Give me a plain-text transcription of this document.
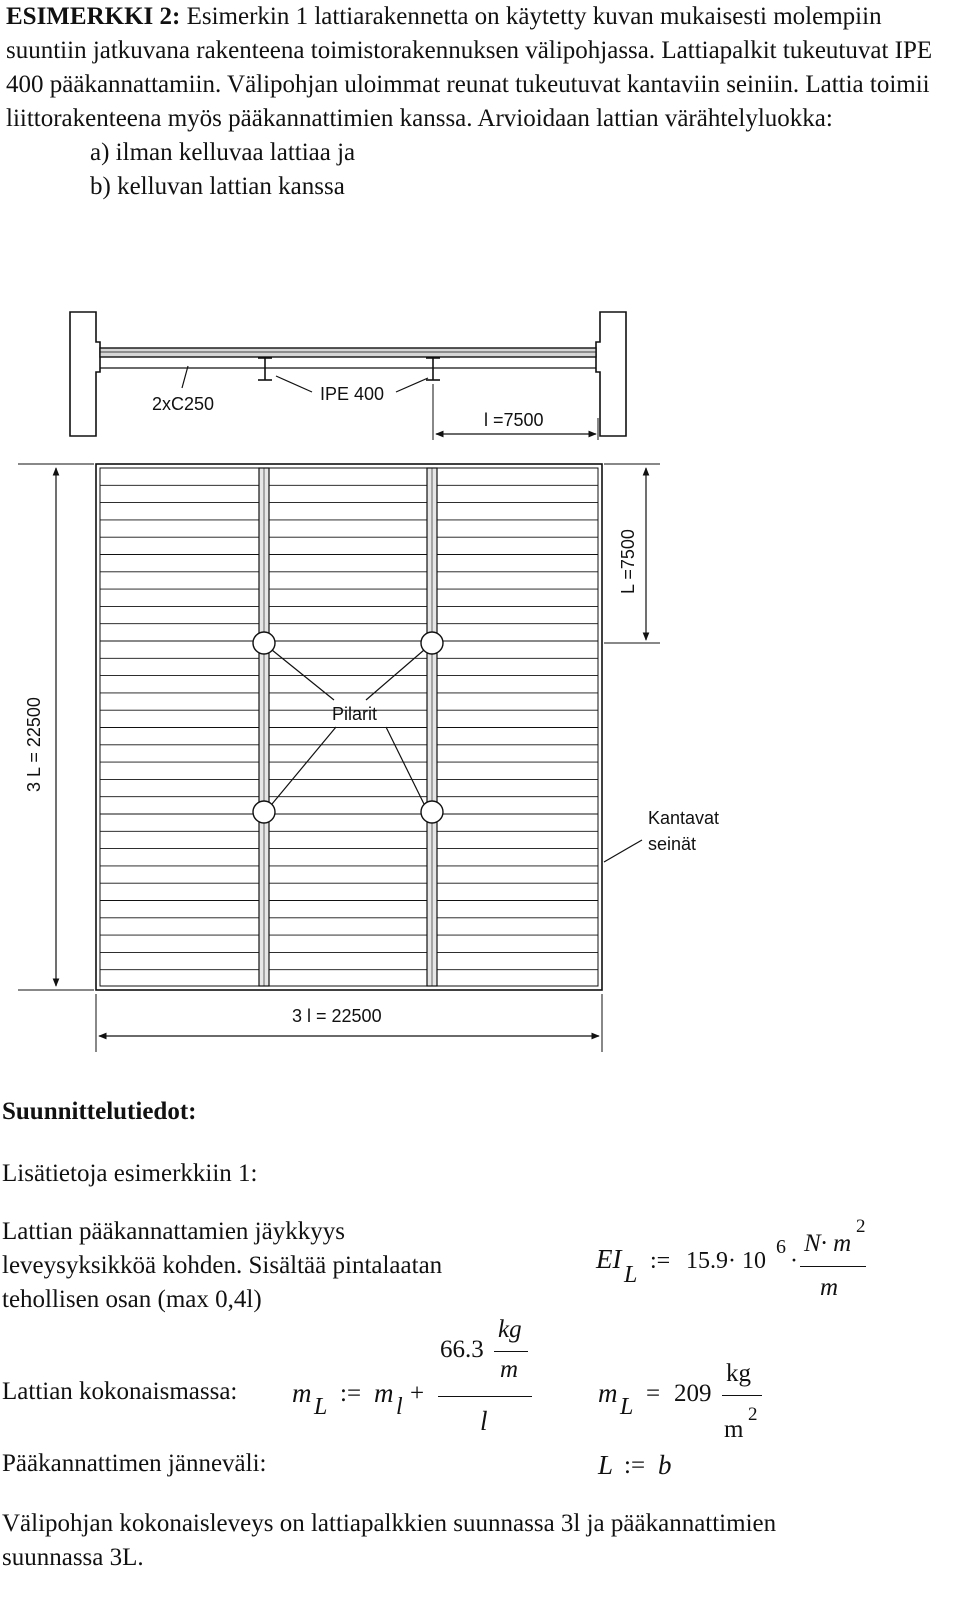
ESIMERKKI 2: Esimerkin 1 lattiarakennetta on käytetty kuvan mukaisesti molempiin suuntiin jatkuvana rakenteena toimistorakennuksen välipohjassa. Lattiapalkit tukeutuvat IPE 400 pääkannattamiin. Välipohjan uloimmat reunat tukeutuvat kantaviin seiniin. Lattia toimii liittorakenteena myös pääkannattimien kanssa. Arvioidaan lattian värähtelyluokka:

a) ilman kelluvaa lattiaa ja

b) kelluvan lattian kanssa

2xC250	IPE 400
l =7500
Pilarit
Kantavat
seinät
3 l = 22500
3 L = 22500
L =7500
Suunnittelutiedot:
Lisätietoja esimerkkiin 1:
Lattian pääkannattamien jäykkyys
leveysyksikköä kohden. Sisältää pintalaatan
tehollisen osan (max 0,4l)
EI
L
:= 15.9· 10
6
·
N· m
2
m
Lattian kokonaismassa: m L := m l +
66.3
kg
m
l
m L = 209
kg
m
2
Pääkannattimen jänneväli:	L := b
Välipohjan kokonaisleveys on lattiapalkkien suunnassa 3l ja pääkannattimien
suunnassa 3L.
